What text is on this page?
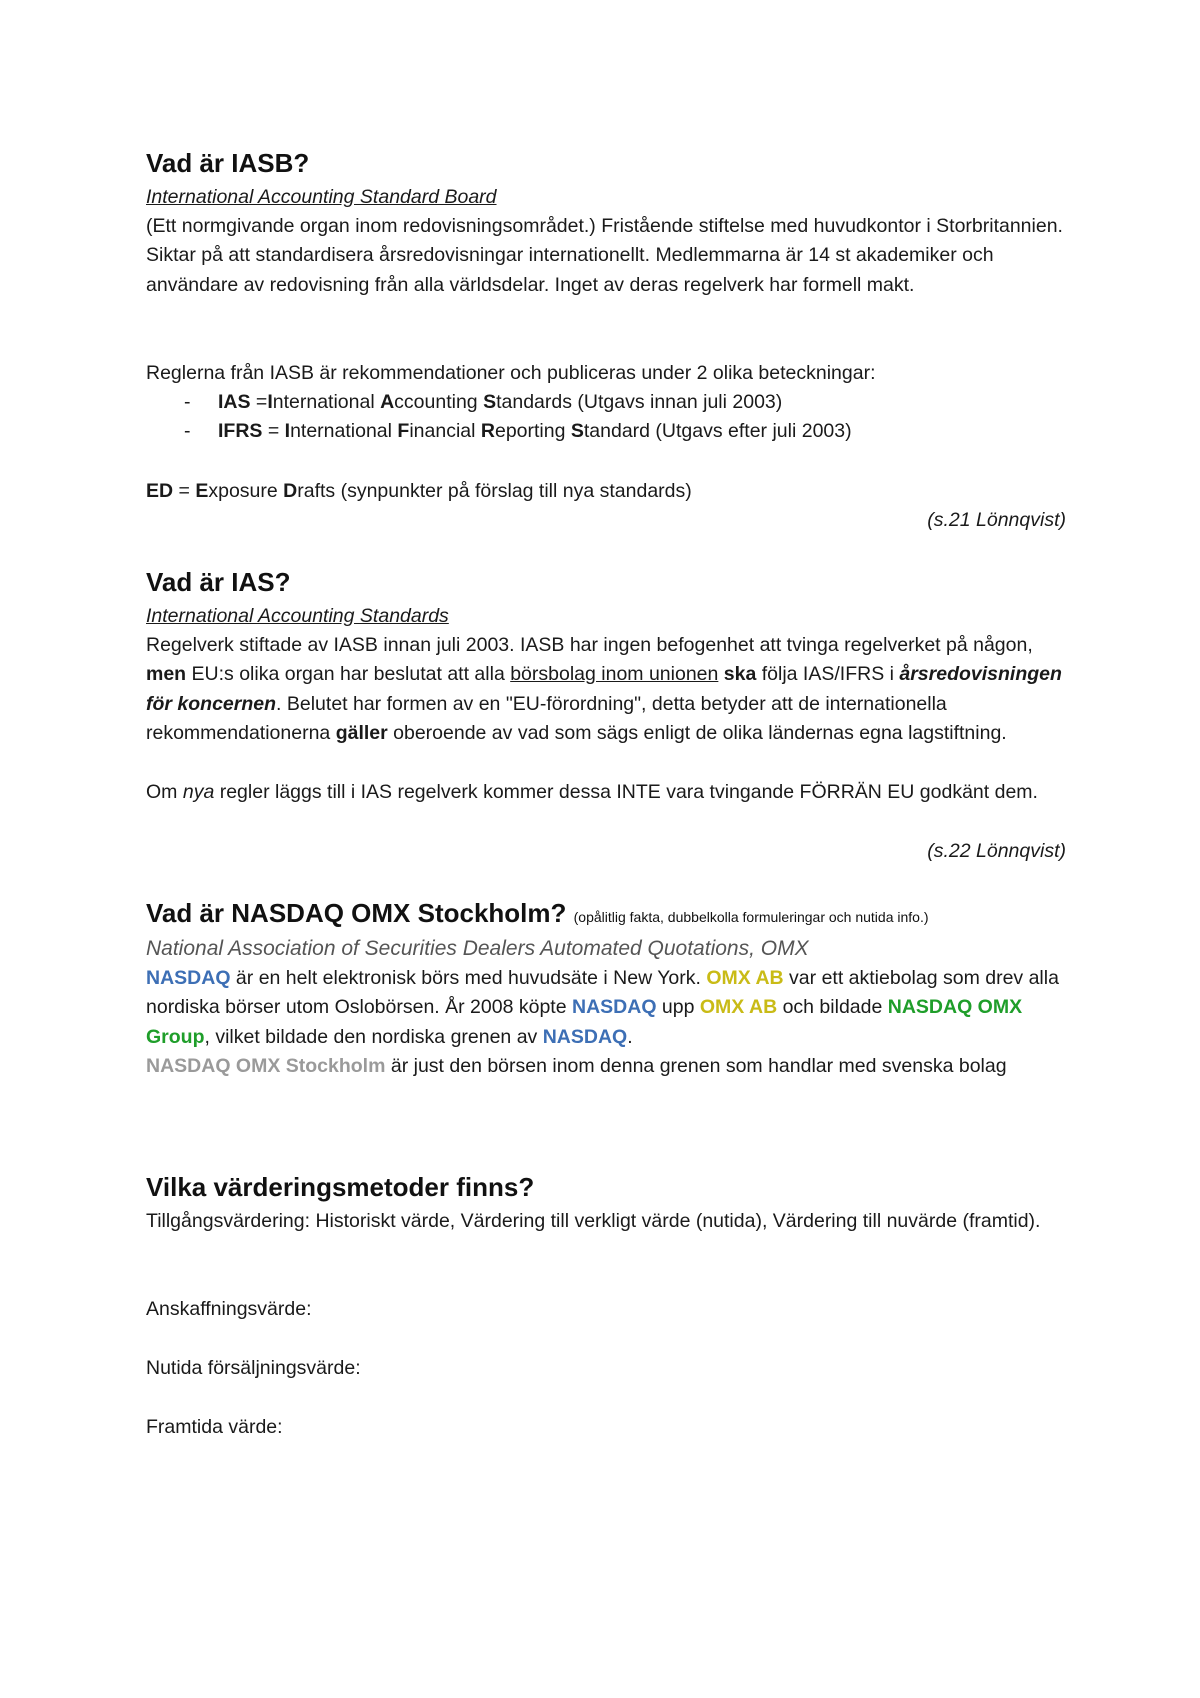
Vad är IASB?

International Accounting Standard Board

(Ett normgivande organ inom redovisningsområdet.) Fristående stiftelse med huvudkontor i Storbritannien. Siktar på att standardisera årsredovisningar internationellt. Medlemmarna är 14 st akademiker och användare av redovisning från alla världsdelar. Inget av deras regelverk har formell makt.

Reglerna från IASB är rekommendationer och publiceras under 2 olika beteckningar:

- IAS =International Accounting Standards (Utgavs innan juli 2003)
- IFRS = International Financial Reporting Standard (Utgavs efter juli 2003)

ED = Exposure Drafts (synpunkter på förslag till nya standards)

(s.21 Lönnqvist)

Vad är IAS?

International Accounting Standards

Regelverk stiftade av IASB innan juli 2003. IASB har ingen befogenhet att tvinga regelverket på någon, men EU:s olika organ har beslutat att alla börsbolag inom unionen ska följa IAS/IFRS i årsredovisningen för koncernen. Belutet har formen av en "EU-förordning", detta betyder att de internationella rekommendationerna gäller oberoende av vad som sägs enligt de olika ländernas egna lagstiftning.

Om nya regler läggs till i IAS regelverk kommer dessa INTE vara tvingande FÖRRÄN EU godkänt dem.

(s.22 Lönnqvist)

Vad är NASDAQ OMX Stockholm? (opålitlig fakta, dubbelkolla formuleringar och nutida info.)

National Association of Securities Dealers Automated Quotations, OMX

NASDAQ är en helt elektronisk börs med huvudsäte i New York. OMX AB var ett aktiebolag som drev alla nordiska börser utom Oslobörsen. År 2008 köpte NASDAQ upp OMX AB och bildade NASDAQ OMX Group, vilket bildade den nordiska grenen av NASDAQ.
NASDAQ OMX Stockholm är just den börsen inom denna grenen som handlar med svenska bolag

Vilka värderingsmetoder finns?

Tillgångsvärdering: Historiskt värde, Värdering till verkligt värde (nutida), Värdering till nuvärde (framtid).

Anskaffningsvärde:

Nutida försäljningsvärde:

Framtida värde:
